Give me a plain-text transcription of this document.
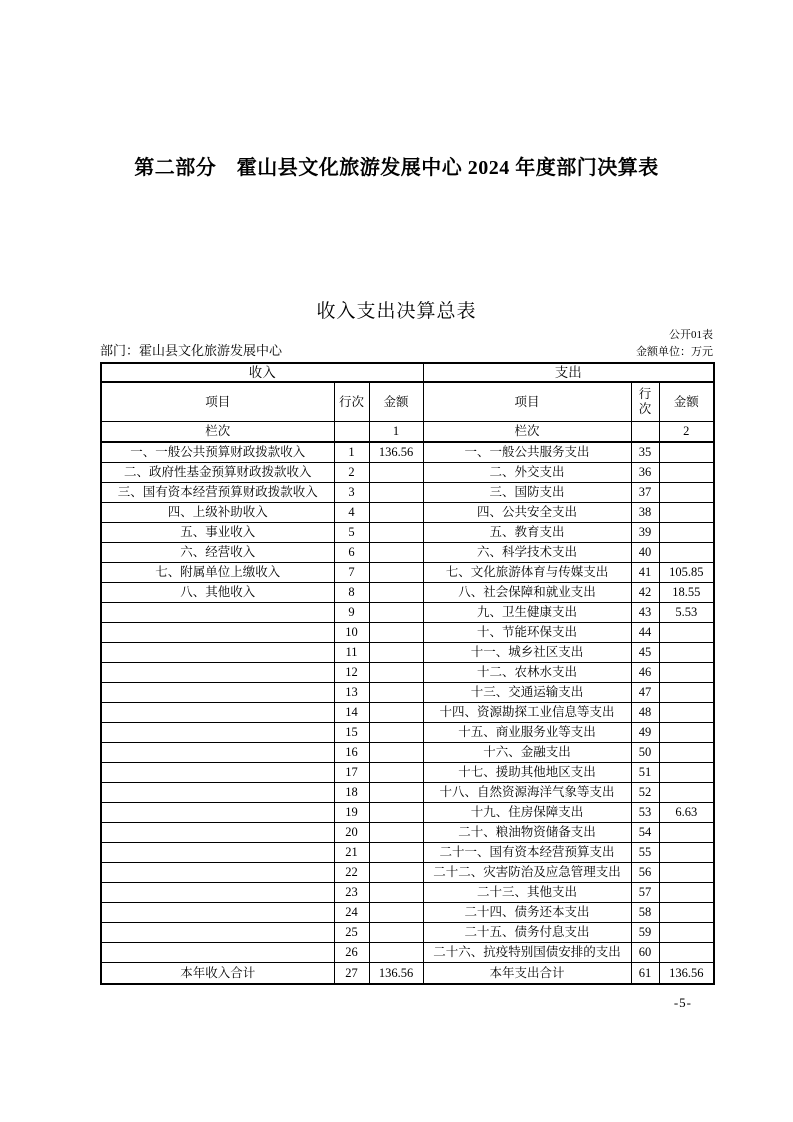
第二部分　霍山县文化旅游发展中心 2024 年度部门决算表
收入支出决算总表
公开01表
部门：霍山县文化旅游发展中心	金额单位：万元
收入			支出		
项目	行次	金额	项目	行次	金额
栏次		1	栏次		2
一、一般公共预算财政拨款收入	1	136.56	一、一般公共服务支出	35	
二、政府性基金预算财政拨款收入	2		二、外交支出	36	
三、国有资本经营预算财政拨款收入	3		三、国防支出	37	
四、上级补助收入	4		四、公共安全支出	38	
五、事业收入	5		五、教育支出	39	
六、经营收入	6		六、科学技术支出	40	
七、附属单位上缴收入	7		七、文化旅游体育与传媒支出	41	105.85
八、其他收入	8		八、社会保障和就业支出	42	18.55
	9		九、卫生健康支出	43	5.53
	10		十、节能环保支出	44	
	11		十一、城乡社区支出	45	
	12		十二、农林水支出	46	
	13		十三、交通运输支出	47	
	14		十四、资源勘探工业信息等支出	48	
	15		十五、商业服务业等支出	49	
	16		十六、金融支出	50	
	17		十七、援助其他地区支出	51	
	18		十八、自然资源海洋气象等支出	52	
	19		十九、住房保障支出	53	6.63
	20		二十、粮油物资储备支出	54	
	21		二十一、国有资本经营预算支出	55	
	22		二十二、灾害防治及应急管理支出	56	
	23		二十三、其他支出	57	
	24		二十四、债务还本支出	58	
	25		二十五、债务付息支出	59	
	26		二十六、抗疫特别国债安排的支出	60	
本年收入合计	27	136.56	本年支出合计	61	136.56
-5-
